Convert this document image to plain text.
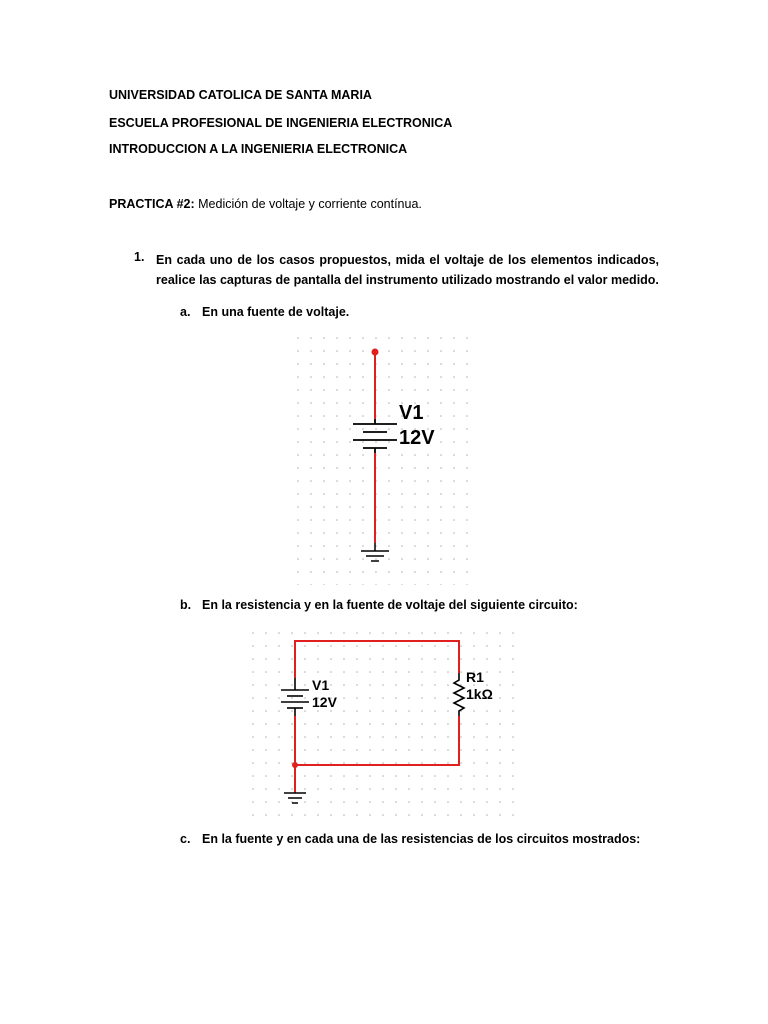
UNIVERSIDAD CATOLICA DE SANTA MARIA
ESCUELA PROFESIONAL DE INGENIERIA ELECTRONICA
INTRODUCCION A LA INGENIERIA ELECTRONICA
PRACTICA #2: Medición de voltaje y corriente contínua.
1. En cada uno de los casos propuestos, mida el voltaje de los elementos indicados, realice las capturas de pantalla del instrumento utilizado mostrando el valor medido.
a. En una fuente de voltaje.
V1
12V
b. En la resistencia y en la fuente de voltaje del siguiente circuito:
V1
12V
R1
1kΩ
c. En la fuente y en cada una de las resistencias de los circuitos mostrados:
